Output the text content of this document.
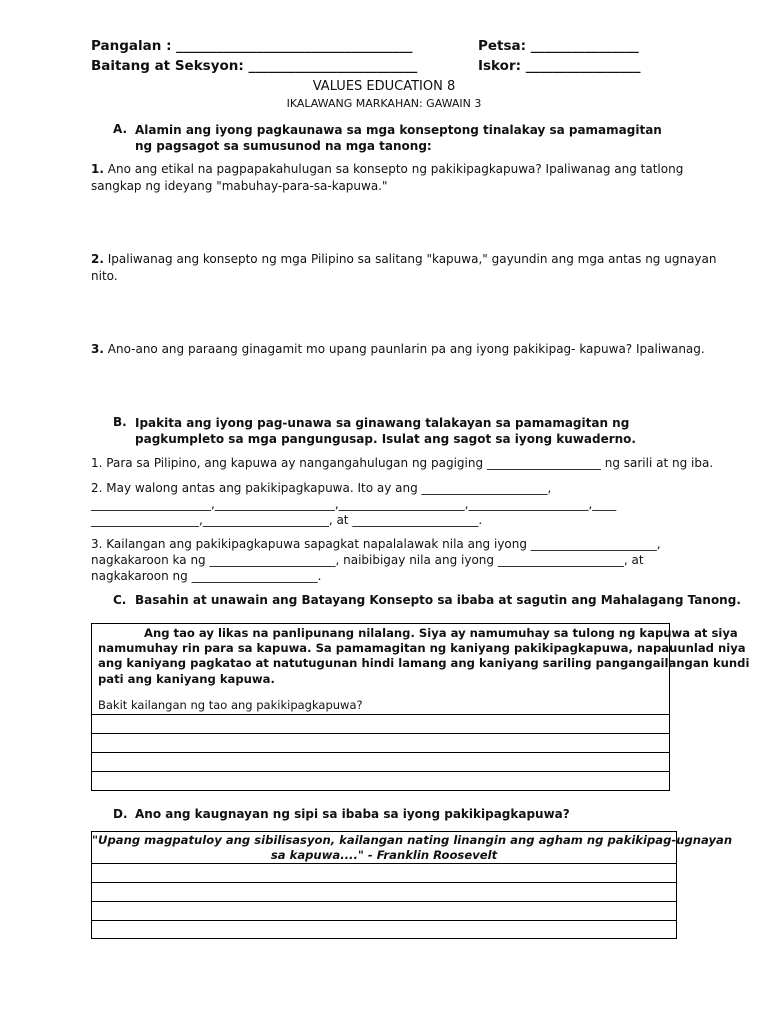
Pangalan : ___________________________________	Petsa: ________________
Baitang at Seksyon: _________________________	Iskor: _________________
VALUES EDUCATION 8
IKALAWANG MARKAHAN: GAWAIN 3
A. Alamin ang iyong pagkaunawa sa mga konseptong tinalakay sa pamamagitan ng pagsagot sa sumusunod na mga tanong:
1. Ano ang etikal na pagpapakahulugan sa konsepto ng pakikipagkapuwa? Ipaliwanag ang tatlong
sangkap ng ideyang "mabuhay-para-sa-kapuwa."
2. Ipaliwanag ang konsepto ng mga Pilipino sa salitang "kapuwa," gayundin ang mga antas ng ugnayan
nito.
3. Ano-ano ang paraang ginagamit mo upang paunlarin pa ang iyong pakikipag- kapuwa? Ipaliwanag.
B. Ipakita ang iyong pag-unawa sa ginawang talakayan sa pamamagitan ng pagkumpleto sa mga pangungusap. Isulat ang sagot sa iyong kuwaderno.
1. Para sa Pilipino, ang kapuwa ay nangangahulugan ng pagiging ___________________ ng sarili at ng iba.
2. May walong antas ang pakikipagkapuwa. Ito ay ang _____________________,
____________________,____________________,_____________________,____________________,____
__________________,_____________________, at _____________________.
3. Kailangan ang pakikipagkapuwa sapagkat napalalawak nila ang iyong _____________________,
nagkakaroon ka ng _____________________, naibibigay nila ang iyong _____________________, at
nagkakaroon ng _____________________.
C. Basahin at unawain ang Batayang Konsepto sa ibaba at sagutin ang Mahalagang Tanong.
Ang tao ay likas na panlipunang nilalang. Siya ay namumuhay sa tulong ng kapuwa at siya
namumuhay rin para sa kapuwa. Sa pamamagitan ng kaniyang pakikipagkapuwa, napauunlad niya
ang kaniyang pagkatao at natutugunan hindi lamang ang kaniyang sariling pangangailangan kundi
pati ang kaniyang kapuwa.
Bakit kailangan ng tao ang pakikipagkapuwa?
D. Ano ang kaugnayan ng sipi sa ibaba sa iyong pakikipagkapuwa?
"Upang magpatuloy ang sibilisasyon, kailangan nating linangin ang agham ng pakikipag-ugnayan
sa kapuwa...." - Franklin Roosevelt
